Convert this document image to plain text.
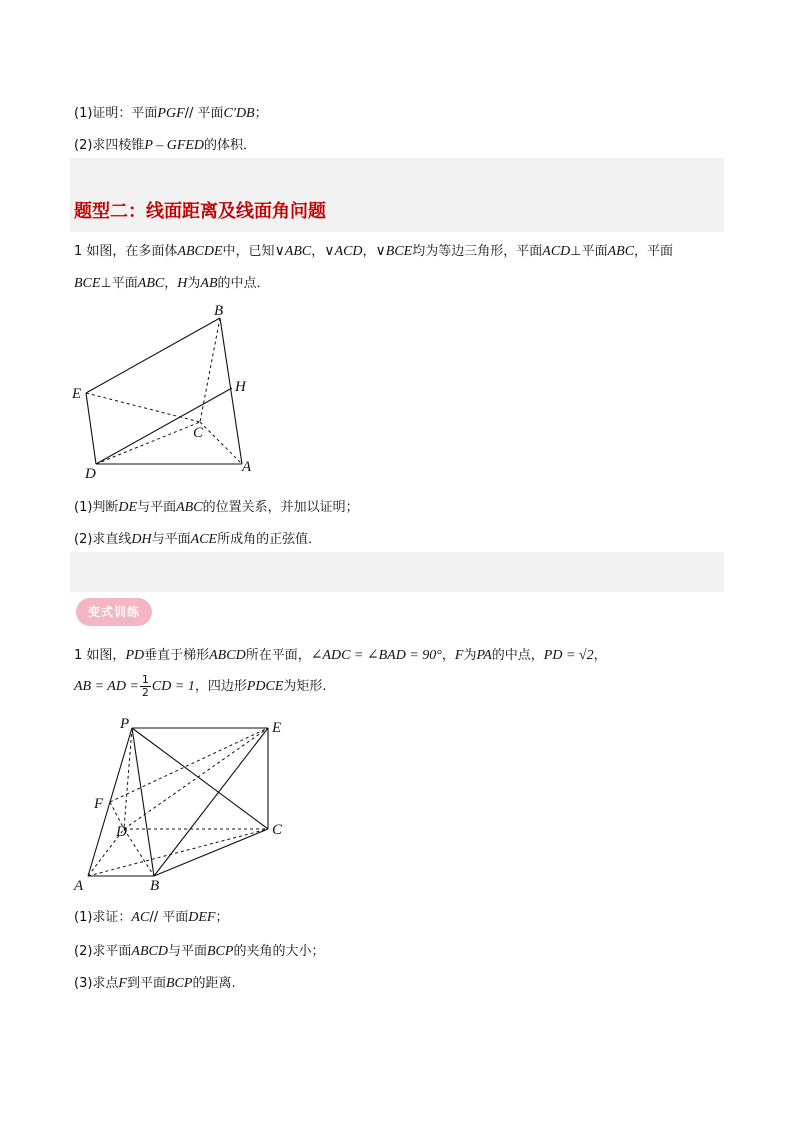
(1)证明：平面PGF// 平面C′DB；
(2)求四棱锥P – GFED的体积．
题型二：线面距离及线面角问题
1 如图，在多面体ABCDE中，已知∨ABC，∨ACD，∨BCE均为等边三角形，平面ACD⊥平面ABC，平面
BCE⊥平面ABC，H为AB的中点．
B
E	H
C
D	A
(1)判断DE与平面ABC的位置关系，并加以证明；
(2)求直线DH与平面ACE所成角的正弦值．
变式训练
1 如图，PD垂直于梯形ABCD所在平面，∠ADC = ∠BAD = 90°，F为PA的中点，PD = √2，
AB = AD = $\frac{1}{2}$ CD = 1，四边形PDCE为矩形.
P	E
F
D	C
A	B
(1)求证：AC// 平面DEF；
(2)求平面ABCD与平面BCP的夹角的大小；
(3)求点F到平面BCP的距离.
